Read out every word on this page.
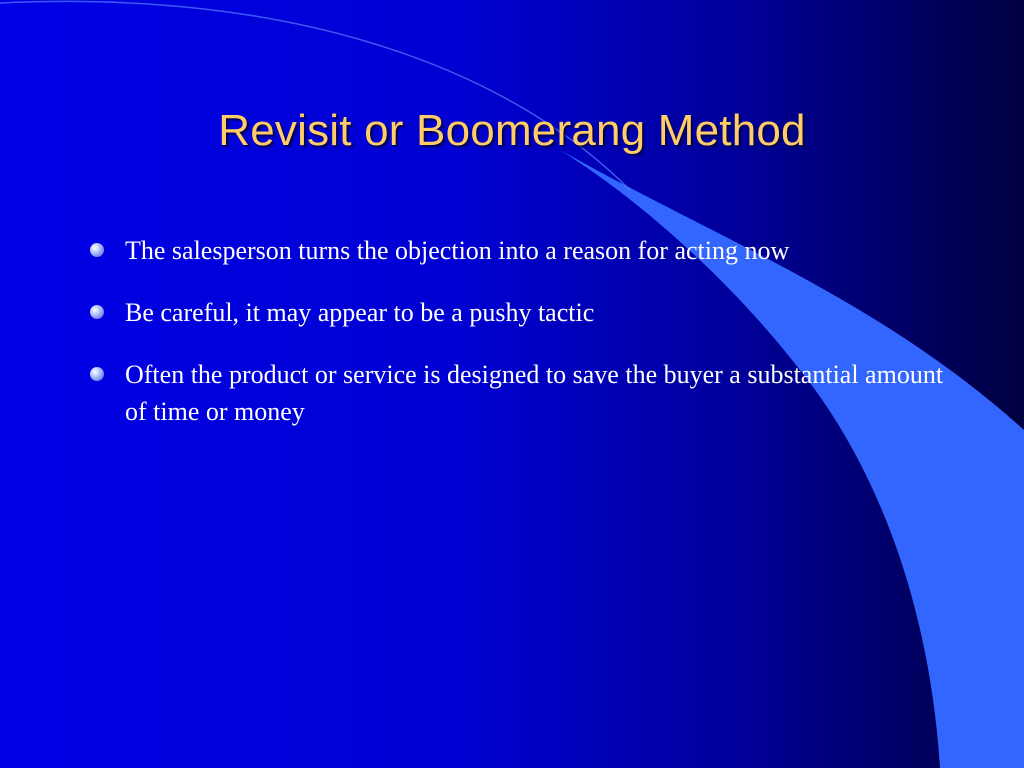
Revisit or Boomerang Method
The salesperson turns the objection into a reason for acting now
Be careful, it may appear to be a pushy tactic
Often the product or service is designed to save the buyer a substantial amount of time or money
